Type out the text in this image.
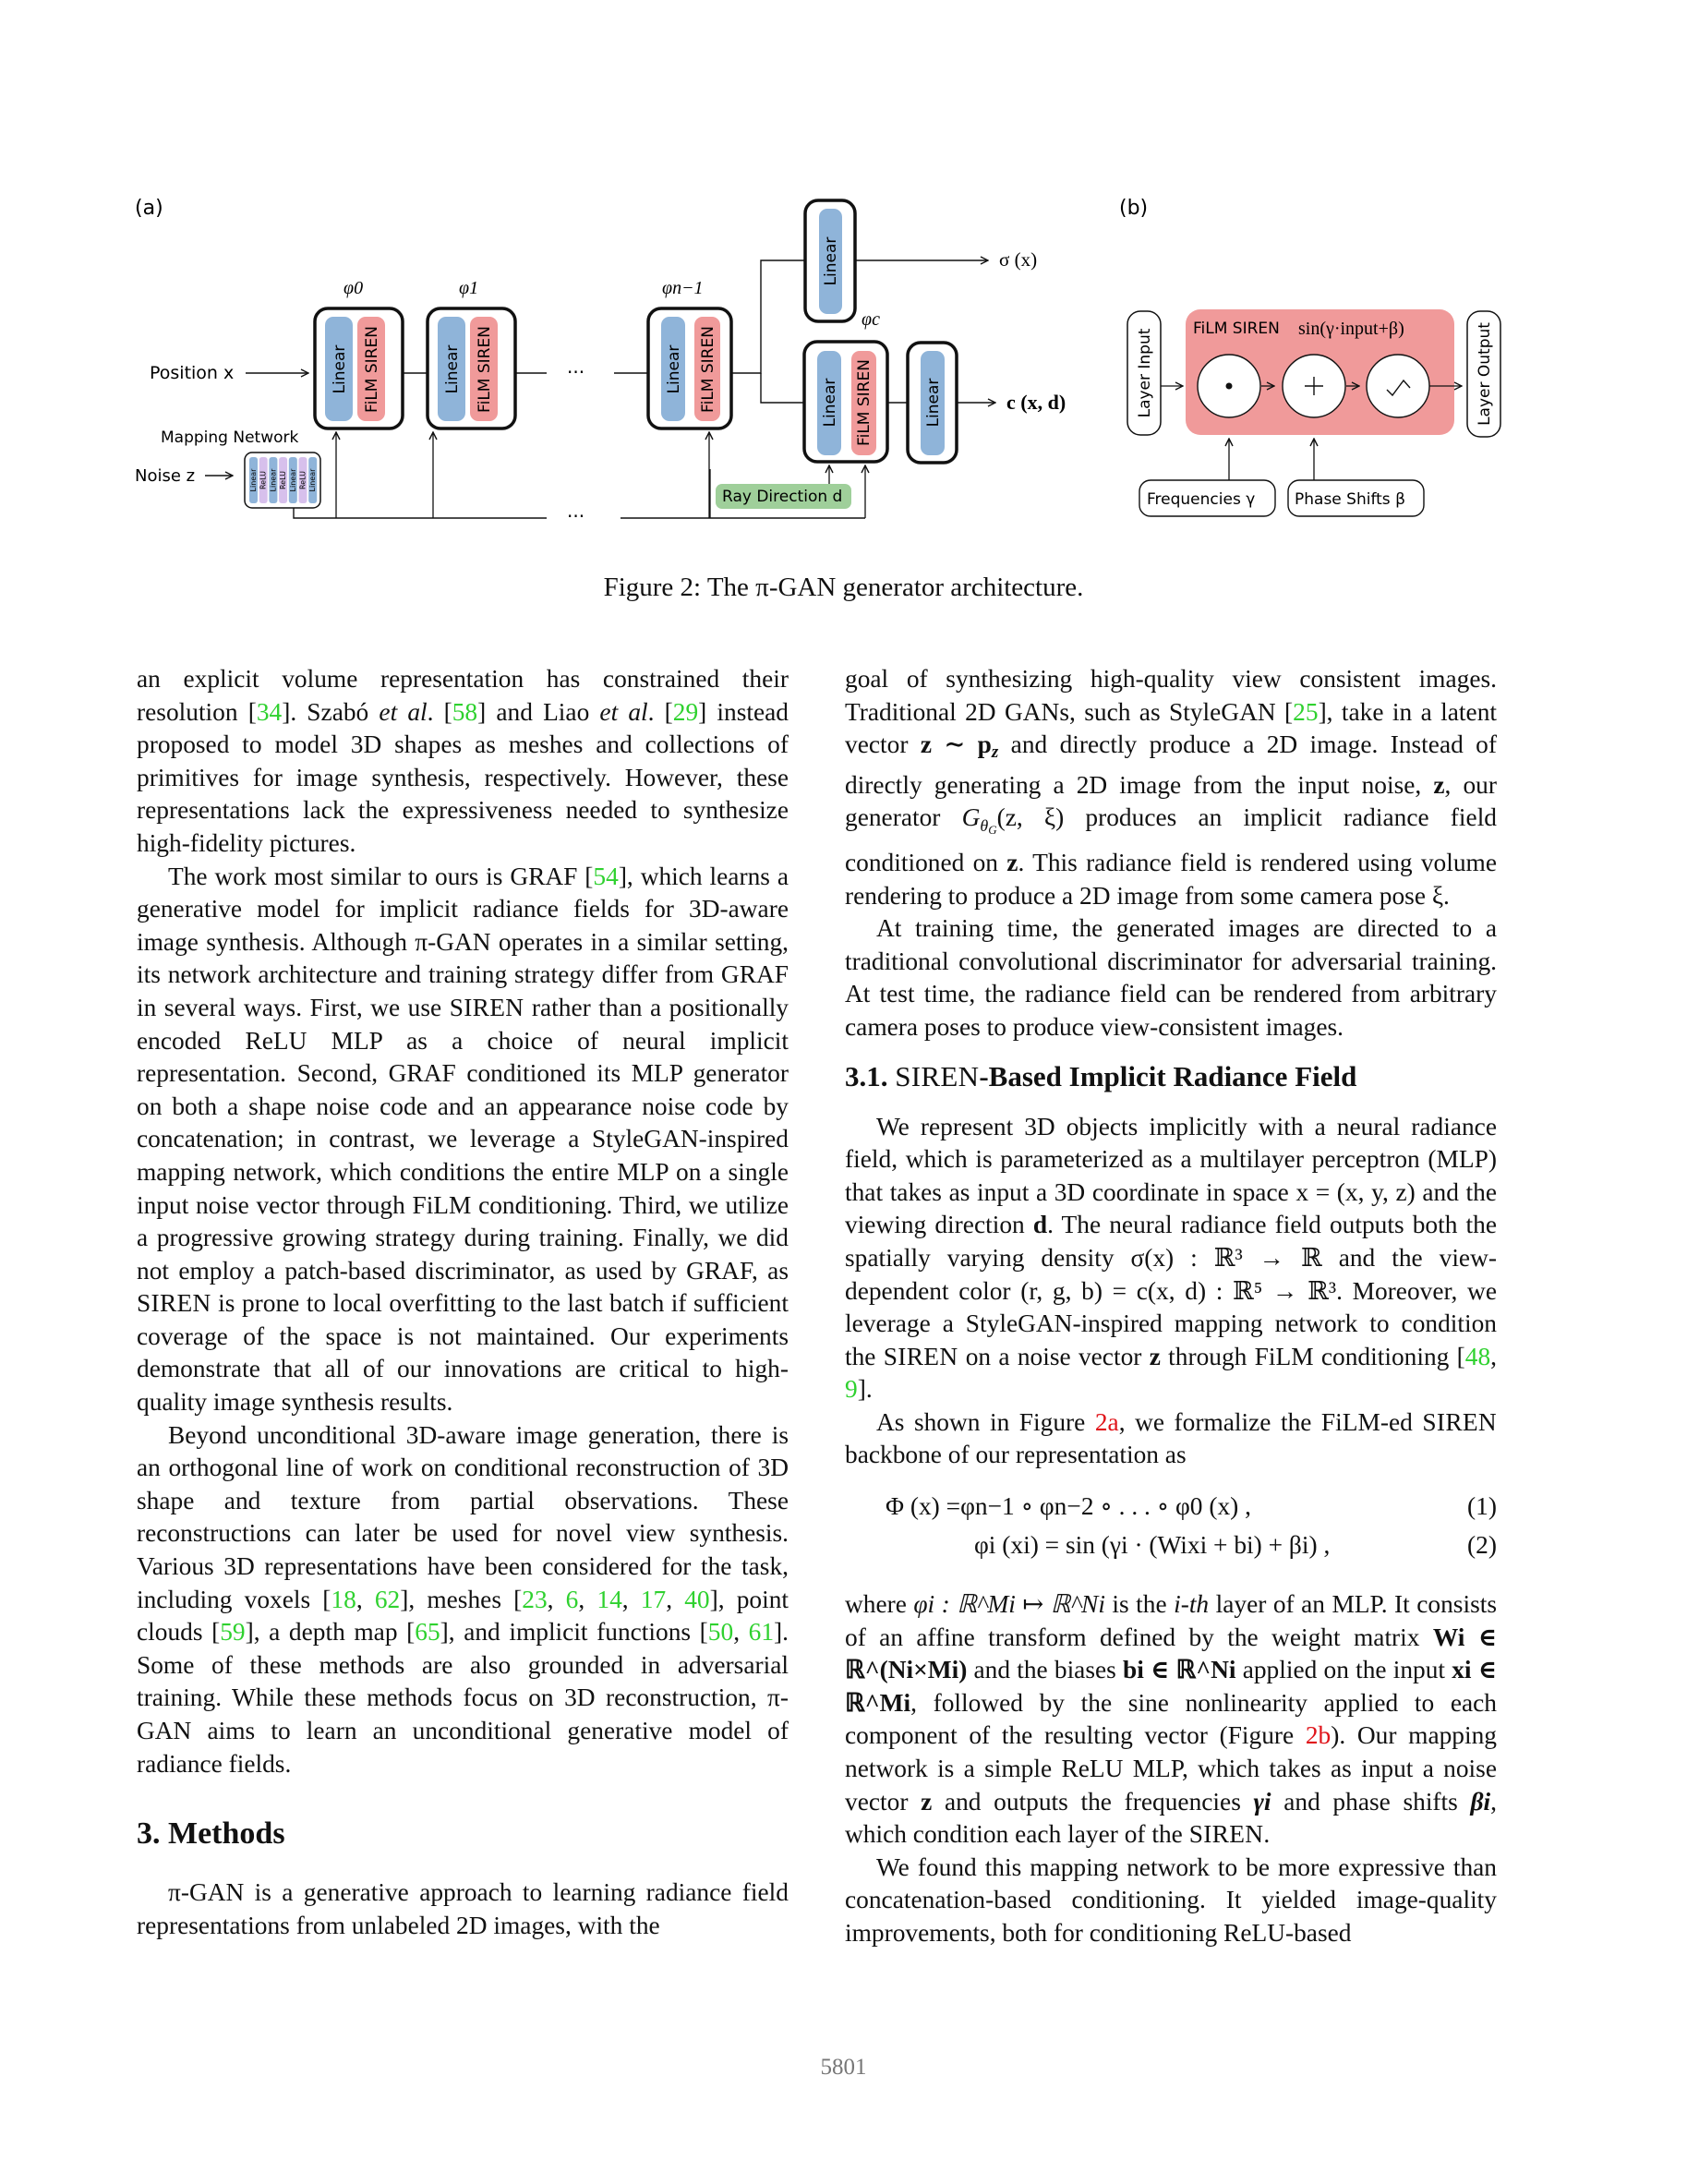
(a)	(b)
Position x
φ0	φ1	φn−1
φc
Linear FiLM SIREN	Linear FiLM SIREN	···	Linear FiLM SIREN
Linear	σ (x)
Linear FiLM SIREN	Linear	c (x, d)
Mapping Network
Noise z	Linear ReLU Linear ReLU Linear ReLU Linear
···
Ray Direction d
Layer Input FiLM SIREN sin(γ·input+β)	Layer Output
Frequencies γ	Phase Shifts β
Figure 2: The π-GAN generator architecture.

an explicit volume representation has constrained their resolution [34]. Szabó et al. [58] and Liao et al. [29] instead proposed to model 3D shapes as meshes and collections of primitives for image synthesis, respectively. However, these representations lack the expressiveness needed to synthesize high-fidelity pictures.

The work most similar to ours is GRAF [54], which learns a generative model for implicit radiance fields for 3D-aware image synthesis. Although π-GAN operates in a similar setting, its network architecture and training strategy differ from GRAF in several ways. First, we use SIREN rather than a positionally encoded ReLU MLP as a choice of neural implicit representation. Second, GRAF conditioned its MLP generator on both a shape noise code and an appearance noise code by concatenation; in contrast, we leverage a StyleGAN-inspired mapping network, which conditions the entire MLP on a single input noise vector through FiLM conditioning. Third, we utilize a progressive growing strategy during training. Finally, we did not employ a patch-based discriminator, as used by GRAF, as SIREN is prone to local overfitting to the last batch if sufficient coverage of the space is not maintained. Our experiments demonstrate that all of our innovations are critical to high-quality image synthesis results.

Beyond unconditional 3D-aware image generation, there is an orthogonal line of work on conditional reconstruction of 3D shape and texture from partial observations. These reconstructions can later be used for novel view synthesis. Various 3D representations have been considered for the task, including voxels [18, 62], meshes [23, 6, 14, 17, 40], point clouds [59], a depth map [65], and implicit functions [50, 61]. Some of these methods are also grounded in adversarial training. While these methods focus on 3D reconstruction, π-GAN aims to learn an unconditional generative model of radiance fields.

3. Methods

π-GAN is a generative approach to learning radiance field representations from unlabeled 2D images, with the

goal of synthesizing high-quality view consistent images. Traditional 2D GANs, such as StyleGAN [25], take in a latent vector z ∼ pz and directly produce a 2D image. Instead of directly generating a 2D image from the input noise, z, our generator $G_{\theta G}(z$, ξ) produces an implicit radiance field conditioned on z. This radiance field is rendered using volume rendering to produce a 2D image from some camera pose ξ.

At training time, the generated images are directed to a traditional convolutional discriminator for adversarial training. At test time, the radiance field can be rendered from arbitrary camera poses to produce view-consistent images.

3.1. SIREN-Based Implicit Radiance Field

We represent 3D objects implicitly with a neural radiance field, which is parameterized as a multilayer perceptron (MLP) that takes as input a 3D coordinate in space x = (x, y, z) and the viewing direction d. The neural radiance field outputs both the spatially varying density σ(x) : ℝ³ → ℝ and the view-dependent color (r, g, b) = c(x, d) : ℝ⁵ → ℝ³. Moreover, we leverage a StyleGAN-inspired mapping network to condition the SIREN on a noise vector z through FiLM conditioning [48, 9].

As shown in Figure 2a, we formalize the FiLM-ed SIREN backbone of our representation as

Φ (x) =φn−1 ∘ φn−2 ∘ . . . ∘ φ0 (x) ,	(1)
φi (xi) = sin (γi · (Wixi + bi) + βi) ,	(2)

where φi : ℝ^Mi ↦ ℝ^Ni is the i-th layer of an MLP. It consists of an affine transform defined by the weight matrix Wi ∈ ℝ^(Ni×Mi) and the biases bi ∈ ℝ^Ni applied on the input xi ∈ ℝ^Mi, followed by the sine nonlinearity applied to each component of the resulting vector (Figure 2b). Our mapping network is a simple ReLU MLP, which takes as input a noise vector z and outputs the frequencies γi and phase shifts βi, which condition each layer of the SIREN.

We found this mapping network to be more expressive than concatenation-based conditioning. It yielded image-quality improvements, both for conditioning ReLU-based

5801
